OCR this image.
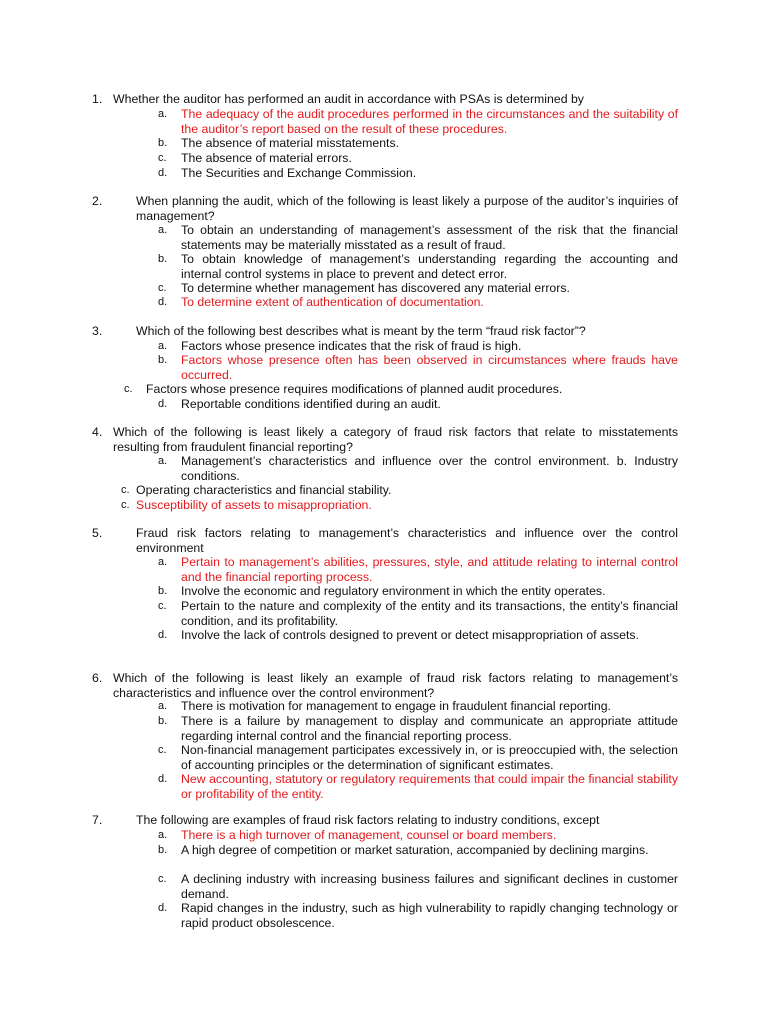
1. Whether the auditor has performed an audit in accordance with PSAs is determined by
a.	The adequacy of the audit procedures performed in the circumstances and the suitability of the auditor’s report based on the result of these procedures.
b.	The absence of material misstatements.
c.	The absence of material errors.
d.	The Securities and Exchange Commission.
2.	When planning the audit, which of the following is least likely a purpose of the auditor’s inquiries of management?
a.	To obtain an understanding of management’s assessment of the risk that the financial statements may be materially misstated as a result of fraud.
b.	To obtain knowledge of management’s understanding regarding the accounting and internal control systems in place to prevent and detect error.
c.	To determine whether management has discovered any material errors.
d.	To determine extent of authentication of documentation.
3.	Which of the following best describes what is meant by the term “fraud risk factor”?
a.	Factors whose presence indicates that the risk of fraud is high.
b.	Factors whose presence often has been observed in circumstances where frauds have occurred.
c.	Factors whose presence requires modifications of planned audit procedures.
d.	Reportable conditions identified during an audit.
4. Which of the following is least likely a category of fraud risk factors that relate to misstatements resulting from fraudulent financial reporting?
a.	Management’s characteristics and influence over the control environment. b. Industry conditions.
c. Operating characteristics and financial stability.
c. Susceptibility of assets to misappropriation.
5.	Fraud risk factors relating to management’s characteristics and influence over the control environment
a.	Pertain to management’s abilities, pressures, style, and attitude relating to internal control and the financial reporting process.
b.	Involve the economic and regulatory environment in which the entity operates.
c.	Pertain to the nature and complexity of the entity and its transactions, the entity’s financial condition, and its profitability.
d.	Involve the lack of controls designed to prevent or detect misappropriation of assets.
6. Which of the following is least likely an example of fraud risk factors relating to management’s characteristics and influence over the control environment?
a.	There is motivation for management to engage in fraudulent financial reporting.
b.	There is a failure by management to display and communicate an appropriate attitude regarding internal control and the financial reporting process.
c.	Non-financial management participates excessively in, or is preoccupied with, the selection of accounting principles or the determination of significant estimates.
d.	New accounting, statutory or regulatory requirements that could impair the financial stability or profitability of the entity.
7.	The following are examples of fraud risk factors relating to industry conditions, except
a.	There is a high turnover of management, counsel or board members.
b.	A high degree of competition or market saturation, accompanied by declining margins.
c.	A declining industry with increasing business failures and significant declines in customer demand.
d.	Rapid changes in the industry, such as high vulnerability to rapidly changing technology or rapid product obsolescence.
